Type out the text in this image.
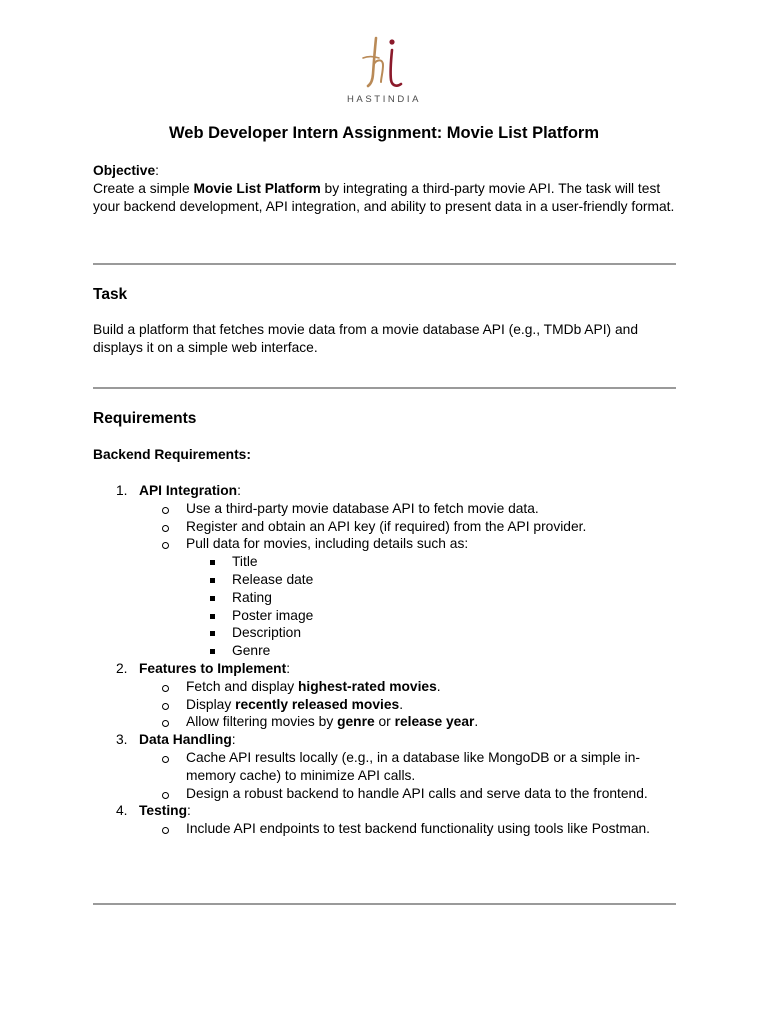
HASTINDIA
Web Developer Intern Assignment: Movie List Platform

Objective:

Create a simple Movie List Platform by integrating a third-party movie API. The task will test your backend development, API integration, and ability to present data in a user-friendly format.

Task

Build a platform that fetches movie data from a movie database API (e.g., TMDb API) and displays it on a simple web interface.

Requirements
Backend Requirements:
1. API Integration:
Use a third-party movie database API to fetch movie data.
Register and obtain an API key (if required) from the API provider.
Pull data for movies, including details such as:
Title
Release date
Rating
Poster image
Description
Genre
2. Features to Implement:
Fetch and display highest-rated movies.
Display recently released movies.
Allow filtering movies by genre or release year.
3. Data Handling:
Cache API results locally (e.g., in a database like MongoDB or a simple in-memory cache) to minimize API calls.
Design a robust backend to handle API calls and serve data to the frontend.
4. Testing:
Include API endpoints to test backend functionality using tools like Postman.
